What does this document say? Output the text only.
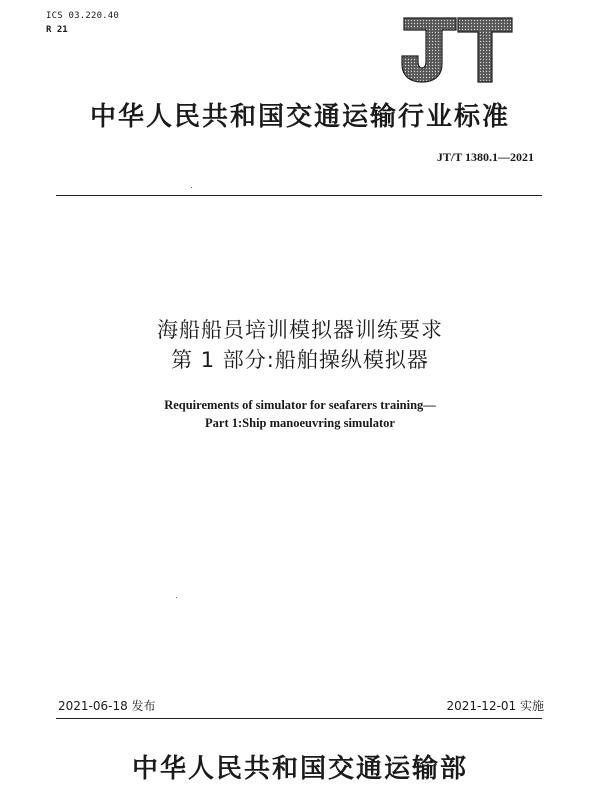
ICS 03.220.40
R 21
中华人民共和国交通运输行业标准
JT/T 1380.1—2021
海船船员培训模拟器训练要求
第 1 部分:船舶操纵模拟器
Requirements of simulator for seafarers training—
Part 1:Ship manoeuvring simulator
2021-06-18 发布	2021-12-01 实施
中华人民共和国交通运输部
